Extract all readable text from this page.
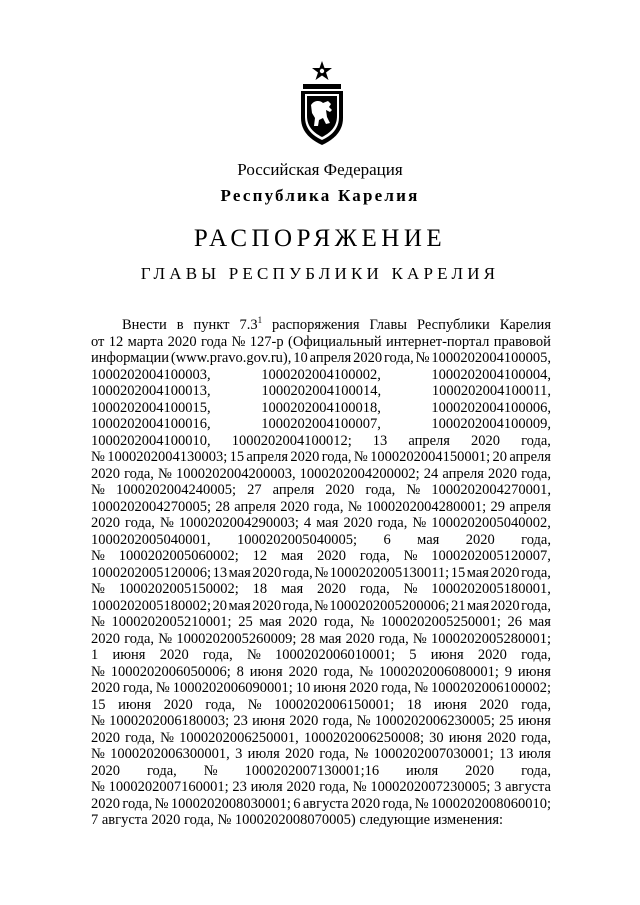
Российская Федерация
Республика Карелия
РАСПОРЯЖЕНИЕ
ГЛАВЫ РЕСПУБЛИКИ КАРЕЛИЯ
Внести в пункт $7.3^1$ распоряжения Главы Республики Карелия
от 12 марта 2020 года № 127-р (Официальный интернет-портал правовой
информации (www.pravo.gov.ru), 10 апреля 2020 года, № 1000202004100005,
1000202004100003,	1000202004100002,	1000202004100004,
1000202004100013,	1000202004100014,	1000202004100011,
1000202004100015,	1000202004100018,	1000202004100006,
1000202004100016,	1000202004100007,	1000202004100009,
1000202004100010, 1000202004100012; 13 апреля 2020 года,
№ 1000202004130003; 15 апреля 2020 года, № 1000202004150001; 20 апреля
2020 года, № 1000202004200003, 1000202004200002; 24 апреля 2020 года,
№ 1000202004240005; 27 апреля 2020 года, № 1000202004270001,
1000202004270005; 28 апреля 2020 года, № 1000202004280001; 29 апреля
2020 года, № 1000202004290003; 4 мая 2020 года, № 1000202005040002,
1000202005040001, 1000202005040005; 6 мая 2020 года,
№ 1000202005060002; 12 мая 2020 года, № 1000202005120007,
1000202005120006; 13 мая 2020 года, № 1000202005130011; 15 мая 2020 года,
№ 1000202005150002; 18 мая 2020 года, № 1000202005180001,
1000202005180002; 20 мая 2020 года, № 1000202005200006; 21 мая 2020 года,
№ 1000202005210001; 25 мая 2020 года, № 1000202005250001; 26 мая
2020 года, № 1000202005260009; 28 мая 2020 года, № 1000202005280001;
1 июня 2020 года, № 1000202006010001; 5 июня 2020 года,
№ 1000202006050006; 8 июня 2020 года, № 1000202006080001; 9 июня
2020 года, № 1000202006090001; 10 июня 2020 года, № 1000202006100002;
15 июня 2020 года, № 1000202006150001; 18 июня 2020 года,
№ 1000202006180003; 23 июня 2020 года, № 1000202006230005; 25 июня
2020 года, № 1000202006250001, 1000202006250008; 30 июня 2020 года,
№ 1000202006300001, 3 июля 2020 года, № 1000202007030001; 13 июля
2020 года, № 1000202007130001;16 июля 2020 года,
№ 1000202007160001; 23 июля 2020 года, № 1000202007230005; 3 августа
2020 года, № 1000202008030001; 6 августа 2020 года, № 1000202008060010;
7 августа 2020 года, № 1000202008070005) следующие изменения:
